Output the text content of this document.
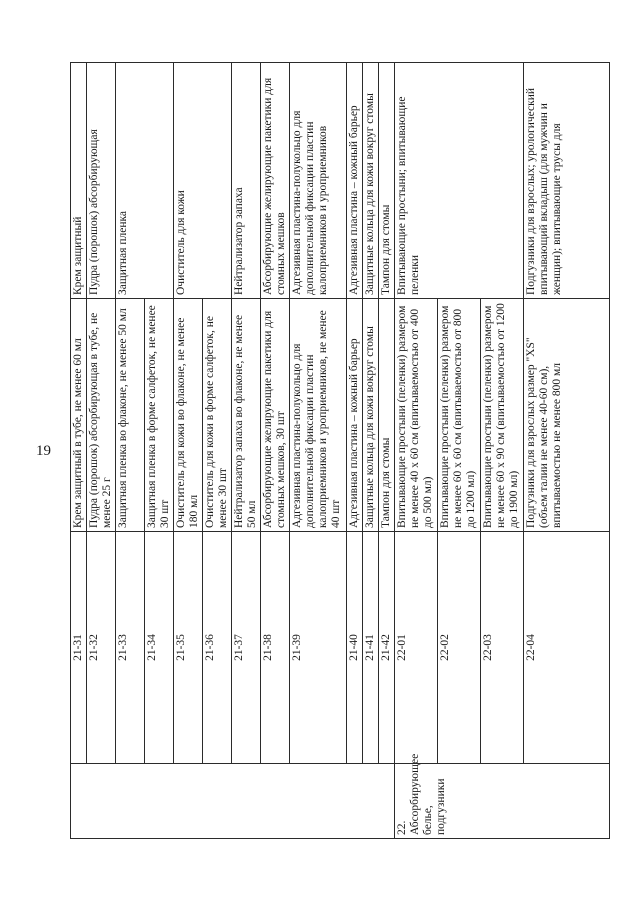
19
	21-31	Крем защитный в тубе, не менее 60 мл	Крем защитный
	21-32	Пудра (порошок) абсорбирующая в тубе, не менее 25 г	Пудра (порошок) абсорбирующая
	21-33	Защитная пленка во флаконе, не менее 50 мл	Защитная пленка
	21-34	Защитная пленка в форме салфеток, не менее 30 шт	
	21-35	Очиститель для кожи во флаконе, не менее 180 мл	Очиститель для кожи
	21-36	Очиститель для кожи в форме салфеток, не менее 30 шт	
	21-37	Нейтрализатор запаха во флаконе, не менее 50 мл	Нейтрализатор запаха
	21-38	Абсорбирующие желирующие пакетики для стомных мешков, 30 шт	Абсорбирующие желирующие пакетики для стомных мешков
	21-39	Адгезивная пластина-полукольцо для дополнительной фиксации пластин калоприемников и уроприемников, не менее 40 шт	Адгезивная пластина-полукольцо для дополнительной фиксации пластин калоприемников и уроприемников
	21-40	Адгезивная пластина – кожный барьер	Адгезивная пластина – кожный барьер
	21-41	Защитные кольца для кожи вокруг стомы	Защитные кольца для кожи вокруг стомы
	21-42	Тампон для стомы	Тампон для стомы
22. Абсорбирующее белье, подгузники	22-01	Впитывающие простыни (пеленки) размером не менее 40 х 60 см (впитываемостью от 400 до 500 мл)	Впитывающие простыни; впитывающие пеленки
	22-02	Впитывающие простыни (пеленки) размером не менее 60 х 60 см (впитываемостью от 800 до 1200 мл)	
	22-03	Впитывающие простыни (пеленки) размером не менее 60 х 90 см (впитываемостью от 1200 до 1900 мл)	
	22-04	Подгузники для взрослых размер "XS" (объем талии не менее 40-60 см), впитываемостью не менее 800 мл	Подгузники для взрослых; урологический впитывающий вкладыш (для мужчин и женщин); впитывающие трусы для
